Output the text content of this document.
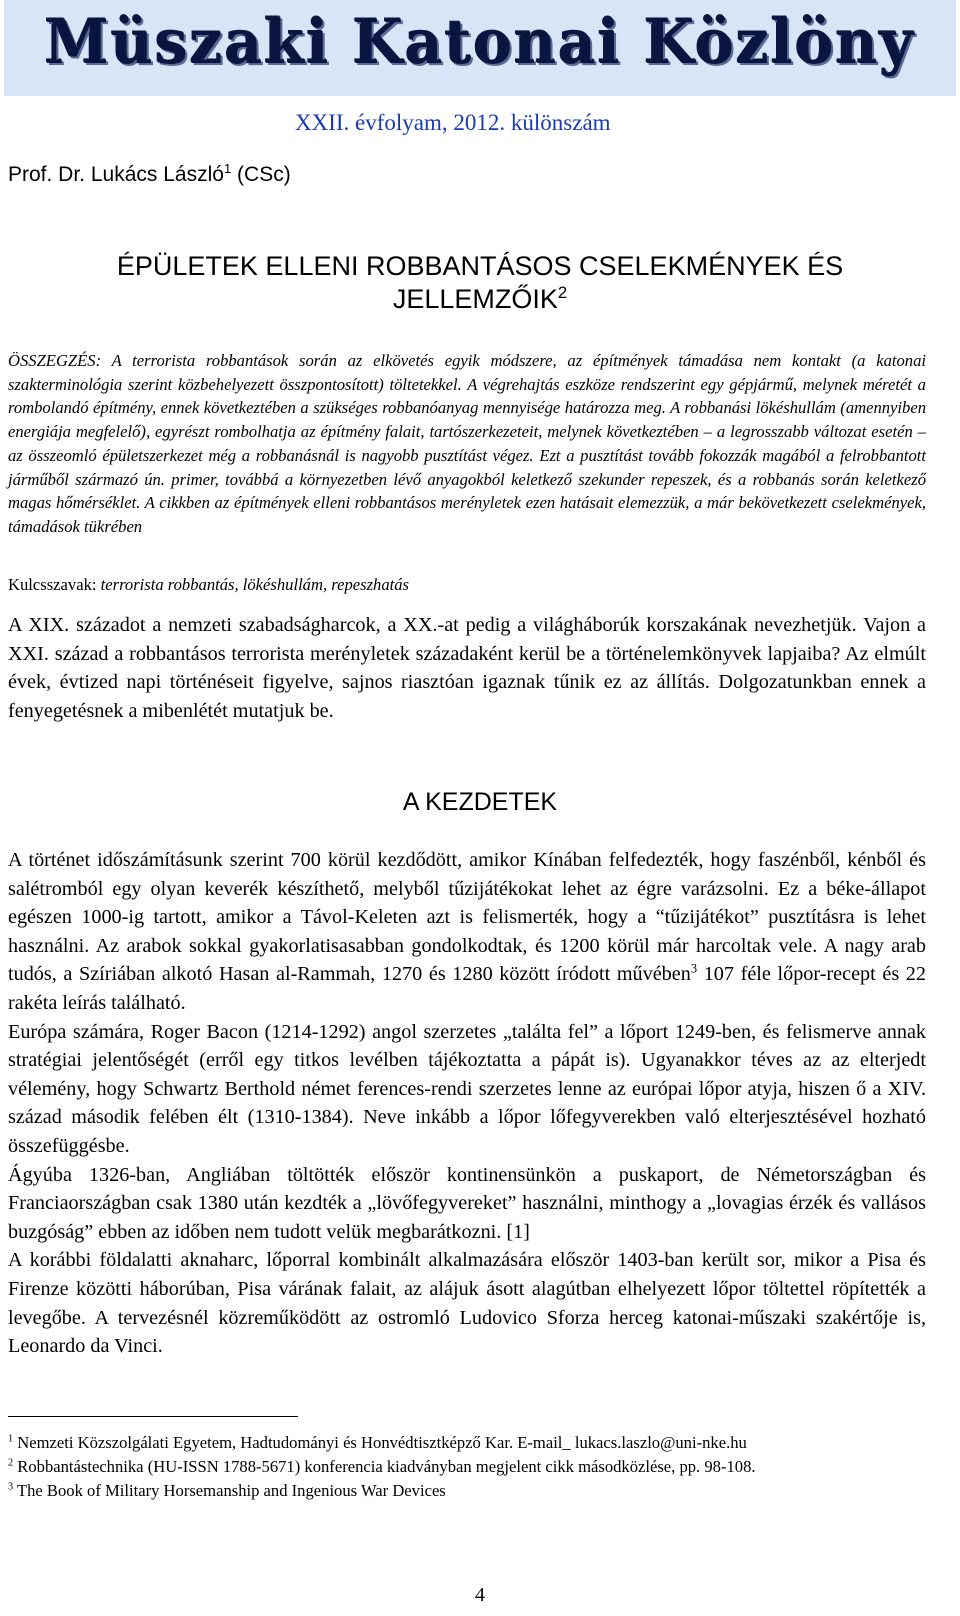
Müszaki Katonai Közlöny
XXII. évfolyam, 2012. különszám
Prof. Dr. Lukács László$^1$ (CSc)
ÉPÜLETEK ELLENI ROBBANTÁSOS CSELEKMÉNYEK ÉS
JELLEMZŐIK$^2$
ÖSSZEGZÉS: A terrorista robbantások során az elkövetés egyik módszere, az építmények támadása nem kontakt (a katonai szakterminológia szerint közbehelyezett összpontosított) töltetekkel. A végrehajtás eszköze rendszerint egy gépjármű, melynek méretét a rombolandó építmény, ennek következtében a szükséges robbanóanyag mennyisége határozza meg. A robbanási lökéshullám (amennyiben energiája megfelelő), egyrészt rombolhatja az építmény falait, tartószerkezeteit, melynek következtében – a legrosszabb változat esetén – az összeomló épületszerkezet még a robbanásnál is nagyobb pusztítást végez. Ezt a pusztítást tovább fokozzák magából a felrobbantott járműből származó ún. primer, továbbá a környezetben lévő anyagokból keletkező szekunder repeszek, és a robbanás során keletkező magas hőmérséklet. A cikkben az építmények elleni robbantásos merényletek ezen hatásait elemezzük, a már bekövetkezett cselekmények, támadások tükrében
Kulcsszavak: terrorista robbantás, lökéshullám, repeszhatás
A XIX. századot a nemzeti szabadságharcok, a XX.-at pedig a világháborúk korszakának nevezhetjük. Vajon a XXI. század a robbantásos terrorista merényletek századaként kerül be a történelemkönyvek lapjaiba? Az elmúlt évek, évtized napi történéseit figyelve, sajnos riasztóan igaznak tűnik ez az állítás. Dolgozatunkban ennek a fenyegetésnek a mibenlétét mutatjuk be.
A KEZDETEK

A történet időszámításunk szerint 700 körül kezdődött, amikor Kínában felfedezték, hogy faszénből, kénből és salétromból egy olyan keverék készíthető, melyből tűzijátékokat lehet az égre varázsolni. Ez a béke-állapot egészen 1000-ig tartott, amikor a Távol-Keleten azt is felismerték, hogy a “tűzijátékot” pusztításra is lehet használni. Az arabok sokkal gyakorlatisasabban gondolkodtak, és 1200 körül már harcoltak vele. A nagy arab tudós, a Szíriában alkotó Hasan al-Rammah, 1270 és 1280 között íródott művében$^3$ 107 féle lőpor-recept és 22 rakéta leírás található.

Európa számára, Roger Bacon (1214-1292) angol szerzetes „találta fel” a lőport 1249-ben, és felismerve annak stratégiai jelentőségét (erről egy titkos levélben tájékoztatta a pápát is). Ugyanakkor téves az az elterjedt vélemény, hogy Schwartz Berthold német ferences-rendi szerzetes lenne az európai lőpor atyja, hiszen ő a XIV. század második felében élt (1310-1384). Neve inkább a lőpor lőfegyverekben való elterjesztésével hozható összefüggésbe.

Ágyúba 1326-ban, Angliában töltötték először kontinensünkön a puskaport, de Németországban és Franciaországban csak 1380 után kezdték a „lövőfegyvereket” használni, minthogy a „lovagias érzék és vallásos buzgóság” ebben az időben nem tudott velük megbarátkozni. [1]

A korábbi földalatti aknaharc, lőporral kombinált alkalmazására először 1403-ban került sor, mikor a Pisa és Firenze közötti háborúban, Pisa várának falait, az alájuk ásott alagútban elhelyezett lőpor töltettel röpítették a levegőbe. A tervezésnél közreműködött az ostromló Ludovico Sforza herceg katonai-műszaki szakértője is, Leonardo da Vinci.

$^1$ Nemzeti Közszolgálati Egyetem, Hadtudományi és Honvédtisztképző Kar. E-mail_ lukacs.laszlo@uni-nke.hu
$^2$ Robbantástechnika (HU-ISSN 1788-5671) konferencia kiadványban megjelent cikk másodközlése, pp. 98-108.
$^3$ The Book of Military Horsemanship and Ingenious War Devices
4
